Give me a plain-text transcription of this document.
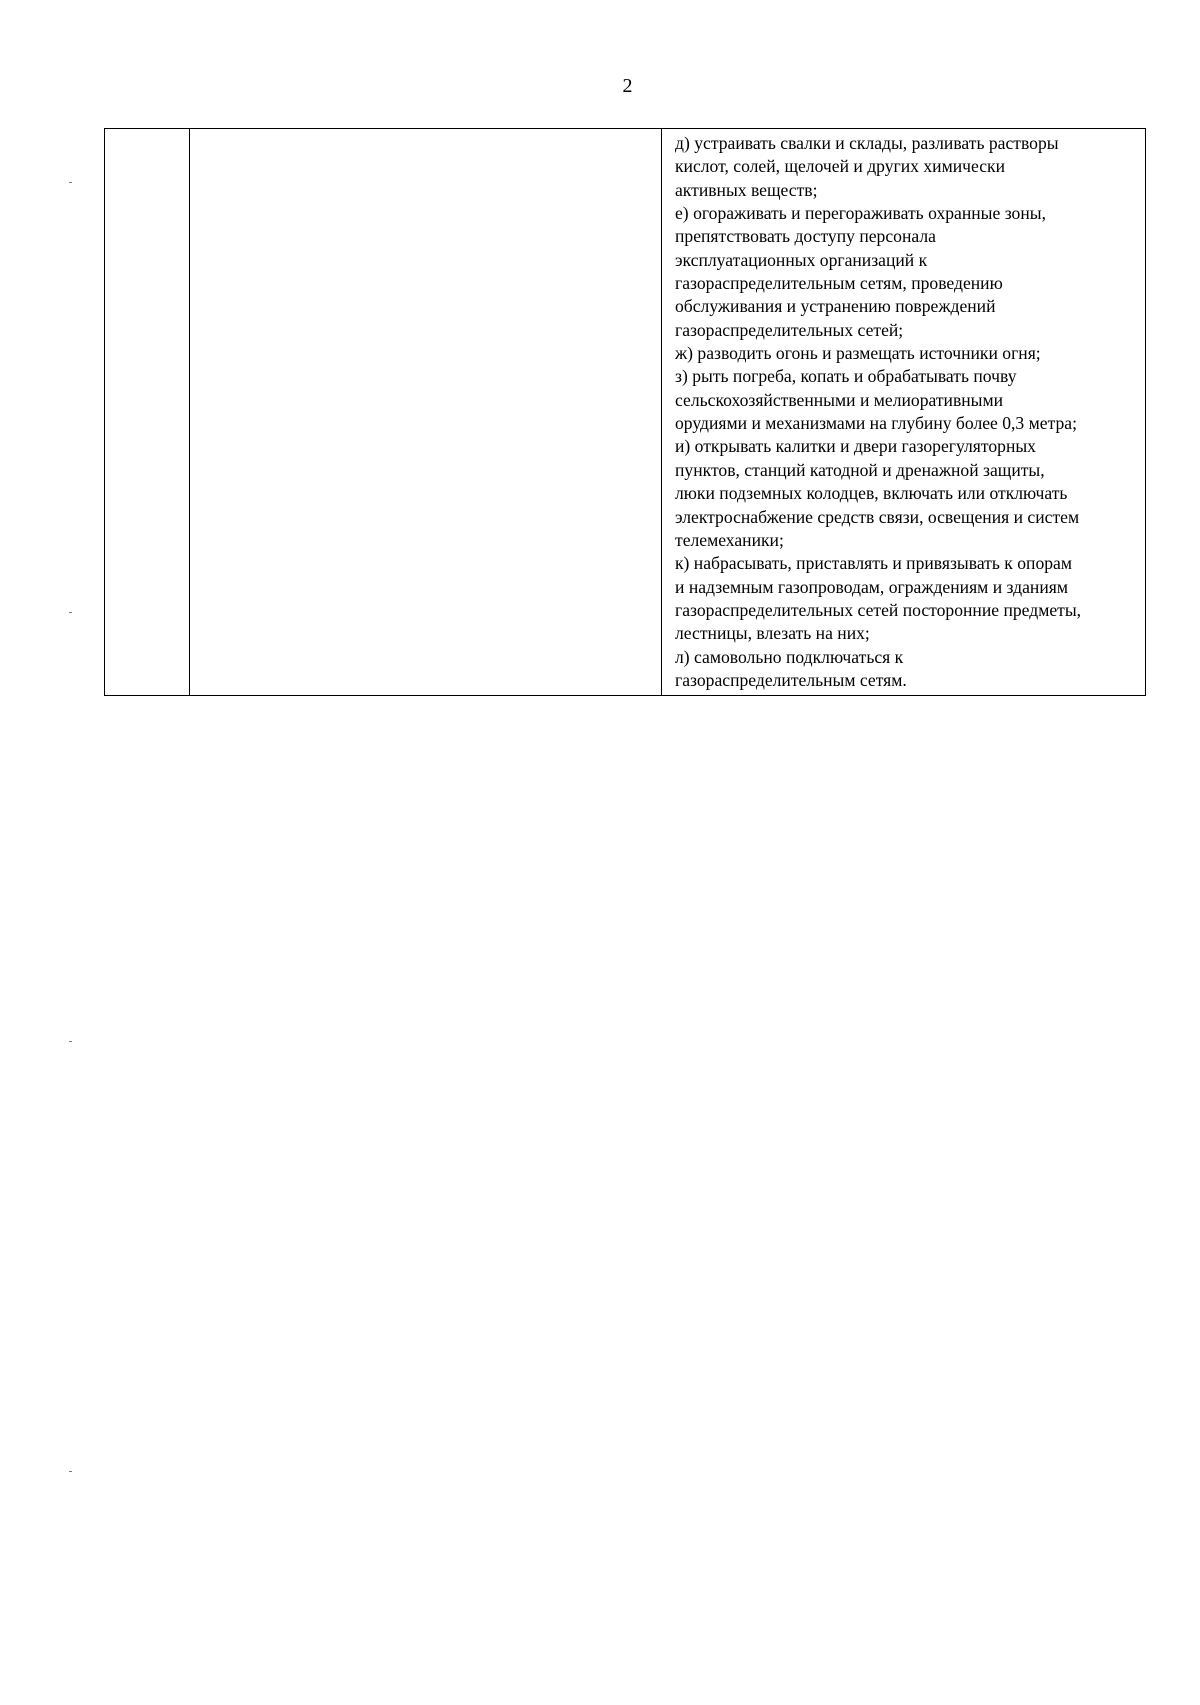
2

д) устраивать свалки и склады, разливать растворы
кислот, солей, щелочей и других химически
активных веществ;
е) огораживать и перегораживать охранные зоны,
препятствовать доступу персонала
эксплуатационных организаций к
газораспределительным сетям, проведению
обслуживания и устранению повреждений
газораспределительных сетей;
ж) разводить огонь и размещать источники огня;
з) рыть погреба, копать и обрабатывать почву
сельскохозяйственными и мелиоративными
орудиями и механизмами на глубину более 0,3 метра;
и) открывать калитки и двери газорегуляторных
пунктов, станций катодной и дренажной защиты,
люки подземных колодцев, включать или отключать
электроснабжение средств связи, освещения и систем
телемеханики;
к) набрасывать, приставлять и привязывать к опорам
и надземным газопроводам, ограждениям и зданиям
газораспределительных сетей посторонние предметы,
лестницы, влезать на них;
л) самовольно подключаться к
газораспределительным сетям.
